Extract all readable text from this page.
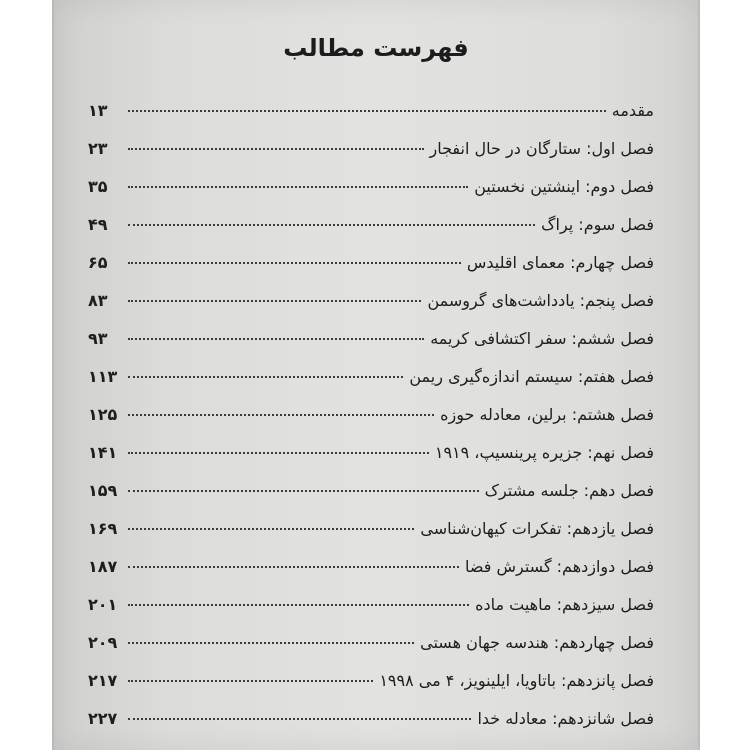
فهرست مطالب
مقدمه
۱۳
فصل اول: ستارگان در حال انفجار
۲۳
فصل دوم: اینشتین نخستین
۳۵
فصل سوم: پراگ
۴۹
فصل چهارم: معمای اقلیدس
۶۵
فصل پنجم: یادداشت‌های گروسمن
۸۳
فصل ششم: سفر اکتشافی کریمه
۹۳
فصل هفتم: سیستم اندازه‌گیری ریمن
۱۱۳
فصل هشتم: برلین، معادله حوزه
۱۲۵
فصل نهم: جزیره پرینسیپ، ۱۹۱۹
۱۴۱
فصل دهم: جلسه مشترک
۱۵۹
فصل یازدهم: تفکرات کیهان‌شناسی
۱۶۹
فصل دوازدهم: گسترش فضا
۱۸۷
فصل سیزدهم: ماهیت ماده
۲۰۱
فصل چهاردهم: هندسه جهان هستی
۲۰۹
فصل پانزدهم: باتاویا، ایلینویز، ۴ می ۱۹۹۸
۲۱۷
فصل شانزدهم: معادله خدا
۲۲۷
